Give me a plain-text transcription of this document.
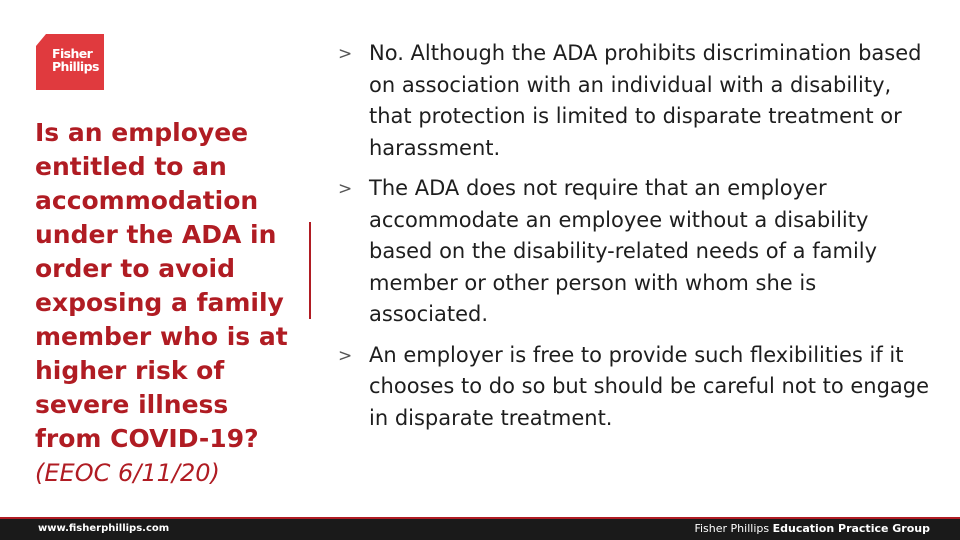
Fisher
Phillips
Is an employee
entitled to an
accommodation
under the ADA in
order to avoid
exposing a family
member who is at
higher risk of
severe illness
from COVID-19?
(EEOC 6/11/20)
> No. Although the ADA prohibits discrimination based on association with an individual with a disability, that protection is limited to disparate treatment or harassment.
> The ADA does not require that an employer accommodate an employee without a disability based on the disability-related needs of a family member or other person with whom she is associated.
> An employer is free to provide such flexibilities if it chooses to do so but should be careful not to engage in disparate treatment.
www.fisherphillips.com	Fisher Phillips Education Practice Group
